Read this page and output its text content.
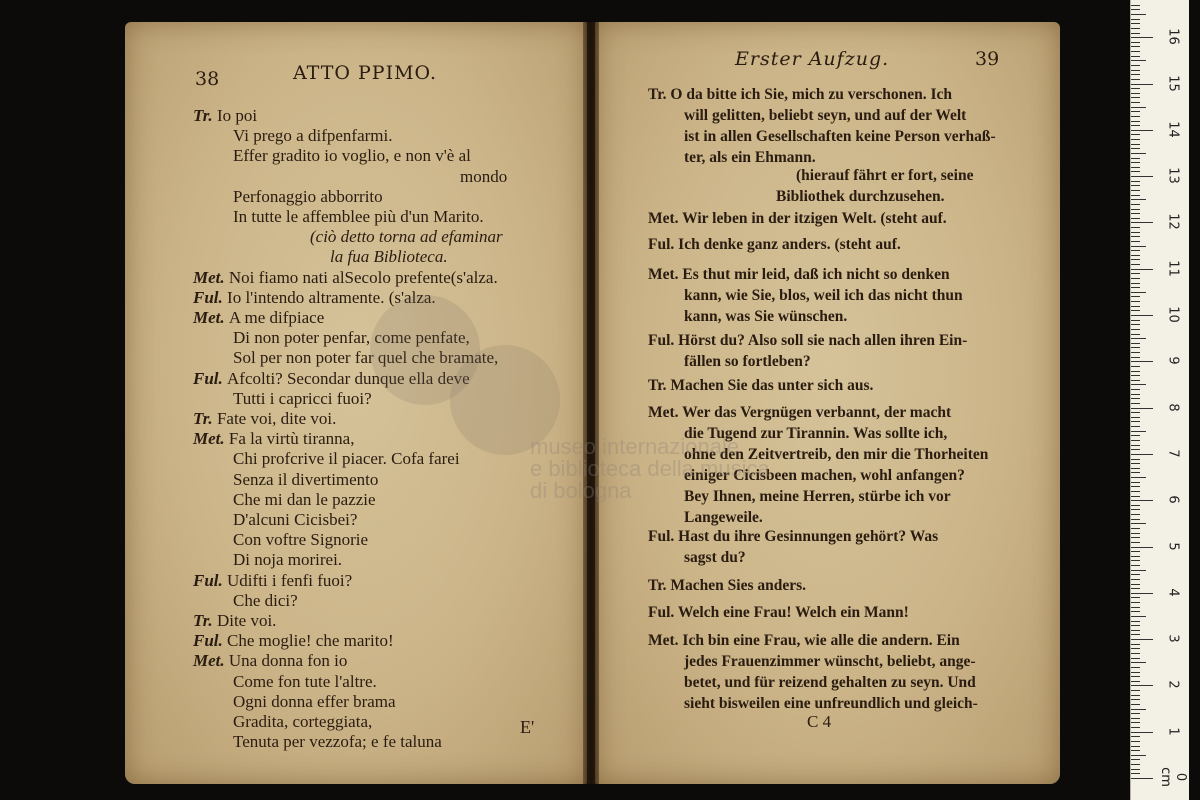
38	ATTO PPIMO.
Tr. Io poi
Vi prego a difpenfarmi.
Effer gradito io voglio, e non v'è al
mondo
Perfonaggio abborrito
In tutte le affemblee più d'un Marito.
(ciò detto torna ad efaminar
la fua Biblioteca.
Met. Noi fiamo nati alSecolo prefente(s'alza.
Ful. Io l'intendo altramente. (s'alza.
Met. A me difpiace
Di non poter penfar, come penfate,
Sol per non poter far quel che bramate,
Ful. Afcolti? Secondar dunque ella deve
Tutti i capricci fuoi?
Tr. Fate voi, dite voi.
Met. Fa la virtù tiranna,
Chi profcrive il piacer. Cofa farei
Senza il divertimento
Che mi dan le pazzie
D'alcuni Cicisbei?
Con voftre Signorie
Di noja morirei.
Ful. Udifti i fenfi fuoi?
Che dici?
Tr. Dite voi.
Ful. Che moglie! che marito!
Met. Una donna fon io
Come fon tute l'altre.
Ogni donna effer brama
Gradita, corteggiata,
Tenuta per vezzofa; e fe taluna
E'
Erster Aufzug.	39
Tr. O da bitte ich Sie, mich zu verschonen. Ich
will gelitten, beliebt seyn, und auf der Welt
ist in allen Gesellschaften keine Person verhaß-
ter, als ein Ehmann.
(hierauf fährt er fort, seine
Bibliothek durchzusehen.
Met. Wir leben in der itzigen Welt. (steht auf.
Ful. Ich denke ganz anders. (steht auf.
Met. Es thut mir leid, daß ich nicht so denken
kann, wie Sie, blos, weil ich das nicht thun
kann, was Sie wünschen.
Ful. Hörst du? Also soll sie nach allen ihren Ein-
fällen so fortleben?
Tr. Machen Sie das unter sich aus.
Met. Wer das Vergnügen verbannt, der macht
die Tugend zur Tirannin. Was sollte ich,
ohne den Zeitvertreib, den mir die Thorheiten
einiger Cicisbeen machen, wohl anfangen?
Bey Ihnen, meine Herren, stürbe ich vor
Langeweile.
Ful. Hast du ihre Gesinnungen gehört? Was
sagst du?
Tr. Machen Sies anders.
Ful. Welch eine Frau! Welch ein Mann!
Met. Ich bin eine Frau, wie alle die andern. Ein
jedes Frauenzimmer wünscht, beliebt, ange-
betet, und für reizend gehalten zu seyn. Und
sieht bisweilen eine unfreundlich und gleich-
C 4
museo internazionale
e biblioteca della musica
di bologna
0 cm
1
2
3
4
5
6
7
8
9
10
11
12
13
14
15
16
